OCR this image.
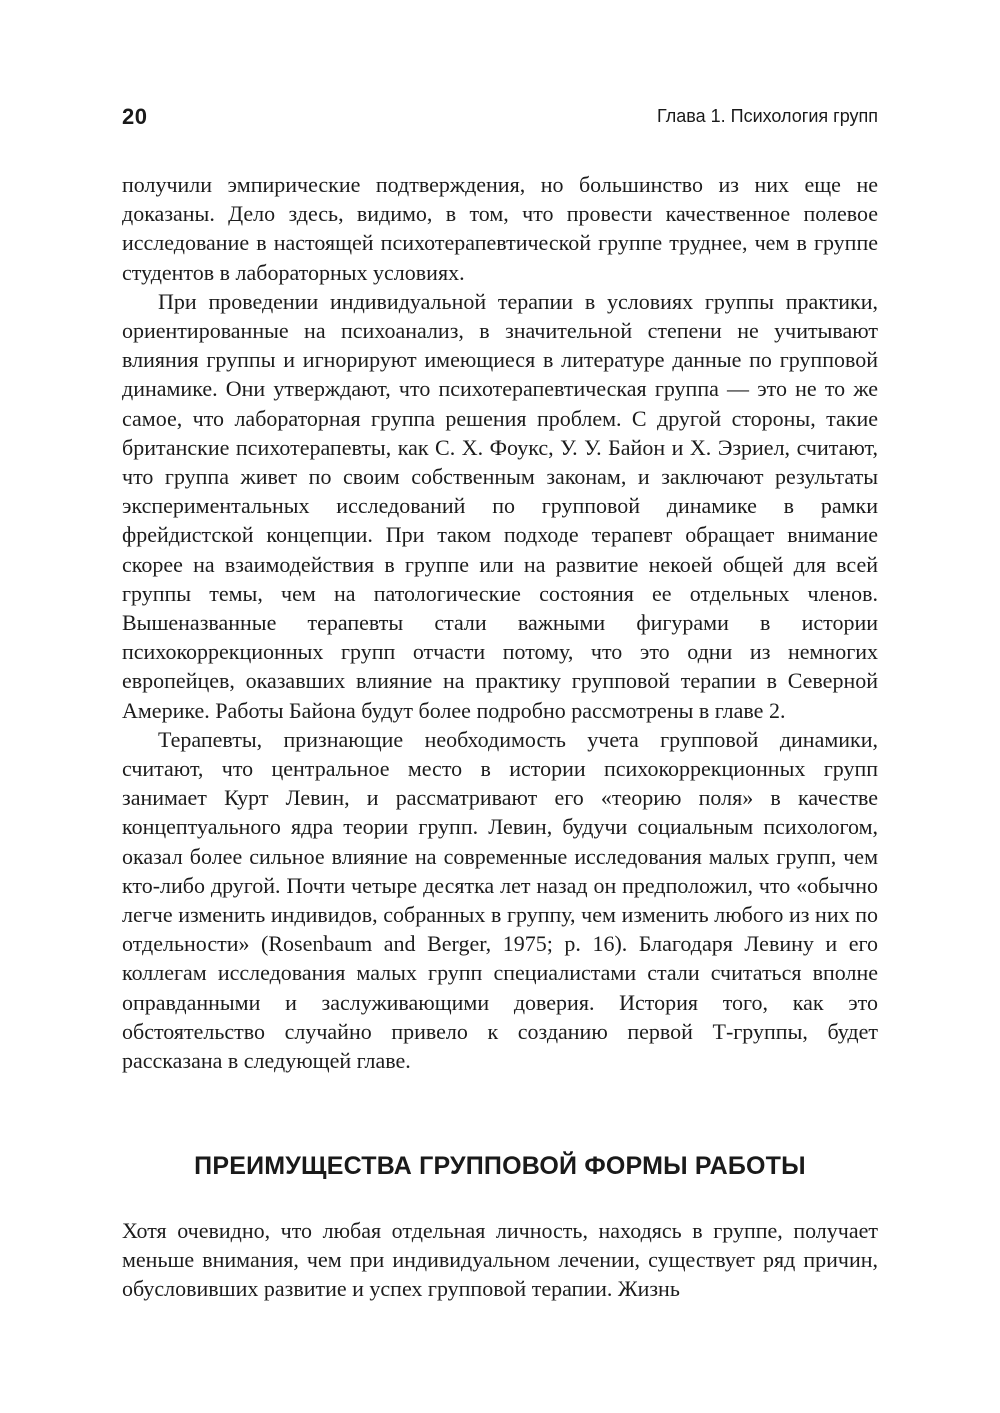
20	Глава 1. Психология групп

получили эмпирические подтверждения, но большинство из них еще не доказаны. Дело здесь, видимо, в том, что провести качественное полевое исследование в настоящей психотерапевтической группе труднее, чем в группе студентов в лабораторных условиях.

При проведении индивидуальной терапии в условиях группы практики, ориентированные на психоанализ, в значительной степени не учитывают влияния группы и игнорируют имеющиеся в литературе данные по групповой динамике. Они утверждают, что психотерапевтическая группа — это не то же самое, что лабораторная группа решения проблем. С другой стороны, такие британские психотерапевты, как С. Х. Фоукс, У. У. Байон и Х. Эзриел, считают, что группа живет по своим собственным законам, и заключают результаты экспериментальных исследований по групповой динамике в рамки фрейдистской концепции. При таком подходе терапевт обращает внимание скорее на взаимодействия в группе или на развитие некоей общей для всей группы темы, чем на патологические состояния ее отдельных членов. Вышеназванные терапевты стали важными фигурами в истории психокоррекционных групп отчасти потому, что это одни из немногих европейцев, оказавших влияние на практику групповой терапии в Северной Америке. Работы Байона будут более подробно рассмотрены в главе 2.

Терапевты, признающие необходимость учета групповой динамики, считают, что центральное место в истории психокоррекционных групп занимает Курт Левин, и рассматривают его «теорию поля» в качестве концептуального ядра теории групп. Левин, будучи социальным психологом, оказал более сильное влияние на современные исследования малых групп, чем кто-либо другой. Почти четыре десятка лет назад он предположил, что «обычно легче изменить индивидов, собранных в группу, чем изменить любого из них по отдельности» (Rosenbaum and Berger, 1975; p. 16). Благодаря Левину и его коллегам исследования малых групп специалистами стали считаться вполне оправданными и заслуживающими доверия. История того, как это обстоятельство случайно привело к созданию первой Т-группы, будет рассказана в следующей главе.

ПРЕИМУЩЕСТВА ГРУППОВОЙ ФОРМЫ РАБОТЫ

Хотя очевидно, что любая отдельная личность, находясь в группе, получает меньше внимания, чем при индивидуальном лечении, существует ряд причин, обусловивших развитие и успех групповой терапии. Жизнь
